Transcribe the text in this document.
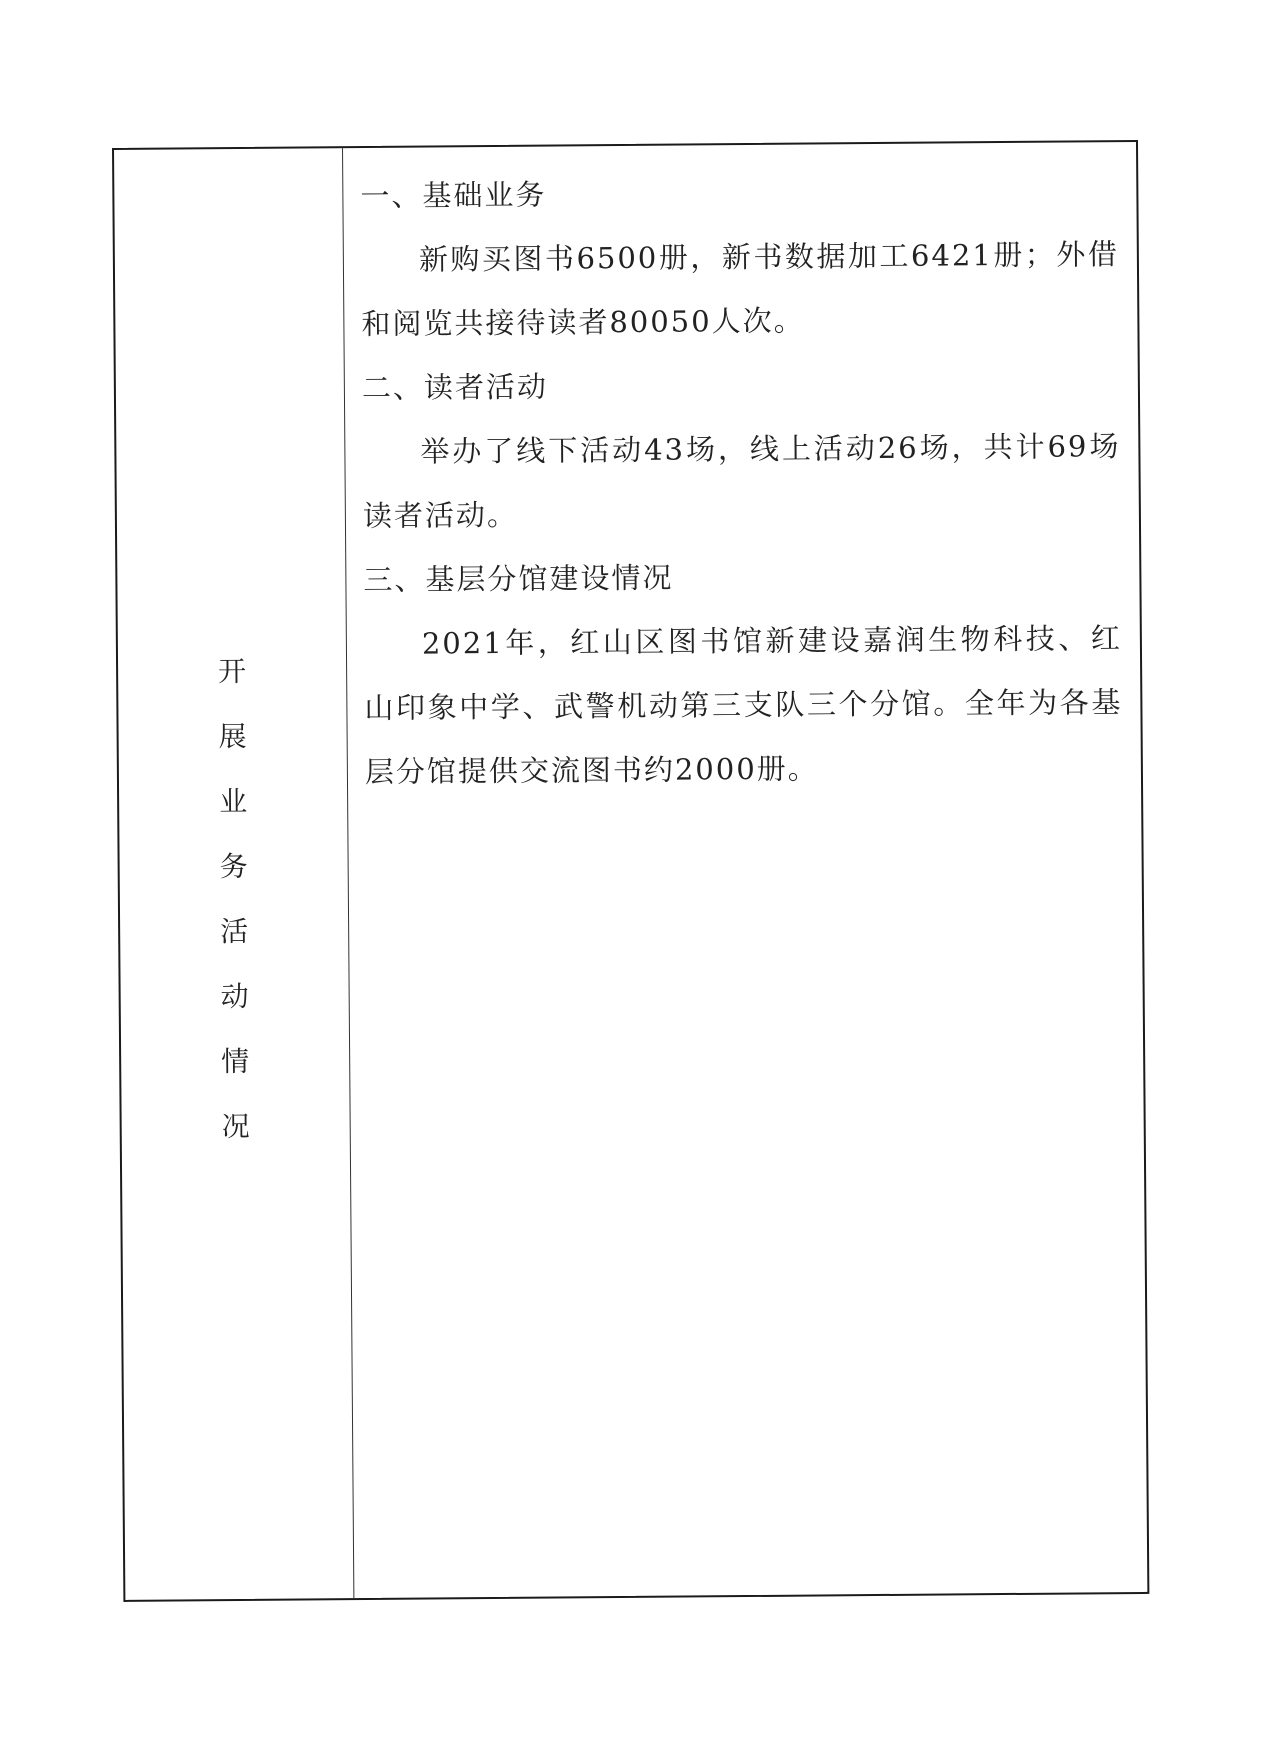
开
展
业
务
活
动
情
况

一、基础业务

新购买图书6500册，新书数据加工6421册；外借和阅览共接待读者80050人次。

二、读者活动

举办了线下活动43场，线上活动26场，共计69场读者活动。

三、基层分馆建设情况

2021年，红山区图书馆新建设嘉润生物科技、红山印象中学、武警机动第三支队三个分馆。全年为各基层分馆提供交流图书约2000册。
